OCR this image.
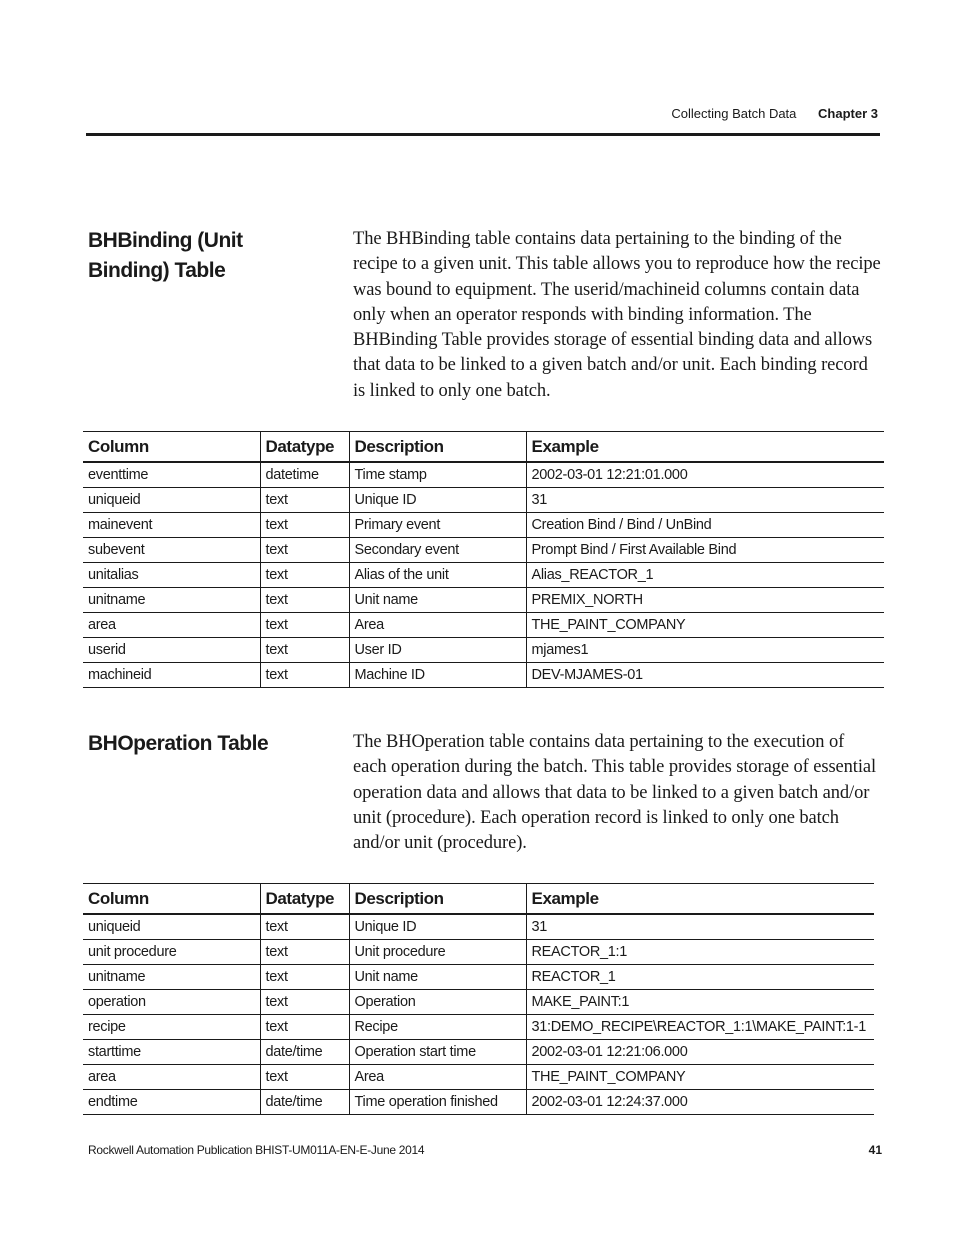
Collecting Batch Data Chapter 3
BHBinding (Unit Binding) Table
The BHBinding table contains data pertaining to the binding of the recipe to a given unit. This table allows you to reproduce how the recipe was bound to equipment. The userid/machineid columns contain data only when an operator responds with binding information. The BHBinding Table provides storage of essential binding data and allows that data to be linked to a given batch and/or unit. Each binding record is linked to only one batch.
Column	Datatype	Description	Example
eventtime	datetime	Time stamp	2002-03-01 12:21:01.000
uniqueid	text	Unique ID	31
mainevent	text	Primary event	Creation Bind / Bind / UnBind
subevent	text	Secondary event	Prompt Bind / First Available Bind
unitalias	text	Alias of the unit	Alias_REACTOR_1
unitname	text	Unit name	PREMIX_NORTH
area	text	Area	THE_PAINT_COMPANY
userid	text	User ID	mjames1
machineid	text	Machine ID	DEV-MJAMES-01
BHOperation Table	The BHOperation table contains data pertaining to the execution of each operation during the batch. This table provides storage of essential operation data and allows that data to be linked to a given batch and/or unit (procedure). Each operation record is linked to only one batch and/or unit (procedure).
Column	Datatype	Description	Example
uniqueid	text	Unique ID	31
unit procedure	text	Unit procedure	REACTOR_1:1
unitname	text	Unit name	REACTOR_1
operation	text	Operation	MAKE_PAINT:1
recipe	text	Recipe	31:DEMO_RECIPE\REACTOR_1:1\MAKE_PAINT:1-1
starttime	date/time	Operation start time	2002-03-01 12:21:06.000
area	text	Area	THE_PAINT_COMPANY
endtime	date/time	Time operation finished	2002-03-01 12:24:37.000
Rockwell Automation Publication BHIST-UM011A-EN-E-June 2014	41
